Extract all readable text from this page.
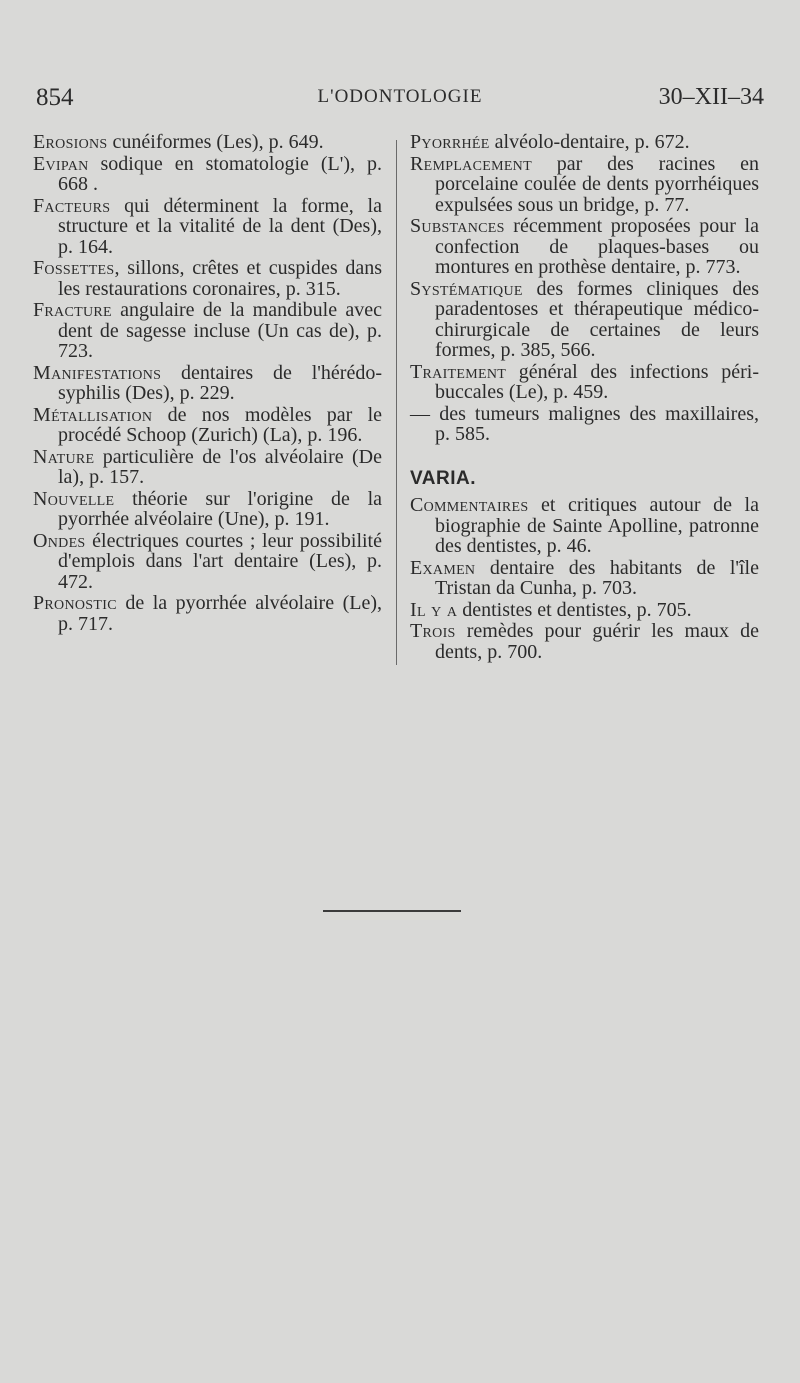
854	L'ODONTOLOGIE	30–XII–34

Erosions cunéiformes (Les), p. 649.

Evipan sodique en stomatologie (L'), p. 668 .

Facteurs qui déterminent la forme, la structure et la vitalité de la dent (Des), p. 164.

Fossettes, sillons, crêtes et cuspides dans les restaurations coronaires, p. 315.

Fracture angulaire de la mandibule avec dent de sagesse incluse (Un cas de), p. 723.

Manifestations dentaires de l'hérédo-syphilis (Des), p. 229.

Métallisation de nos modèles par le procédé Schoop (Zurich) (La), p. 196.

Nature particulière de l'os alvéolaire (De la), p. 157.

Nouvelle théorie sur l'origine de la pyorrhée alvéolaire (Une), p. 191.

Ondes électriques courtes ; leur possibilité d'emplois dans l'art dentaire (Les), p. 472.

Pronostic de la pyorrhée alvéolaire (Le), p. 717.

Pyorrhée alvéolo-dentaire, p. 672.

Remplacement par des racines en porcelaine coulée de dents pyorrhéiques expulsées sous un bridge, p. 77.

Substances récemment proposées pour la confection de plaques-bases ou montures en prothèse dentaire, p. 773.

Systématique des formes cliniques des paradentoses et thérapeutique médico-chirurgicale de certaines de leurs formes, p. 385, 566.

Traitement général des infections péri-buccales (Le), p. 459.

— des tumeurs malignes des maxillaires, p. 585.

VARIA.

Commentaires et critiques autour de la biographie de Sainte Apolline, patronne des dentistes, p. 46.

Examen dentaire des habitants de l'île Tristan da Cunha, p. 703.

Il y a dentistes et dentistes, p. 705.

Trois remèdes pour guérir les maux de dents, p. 700.
